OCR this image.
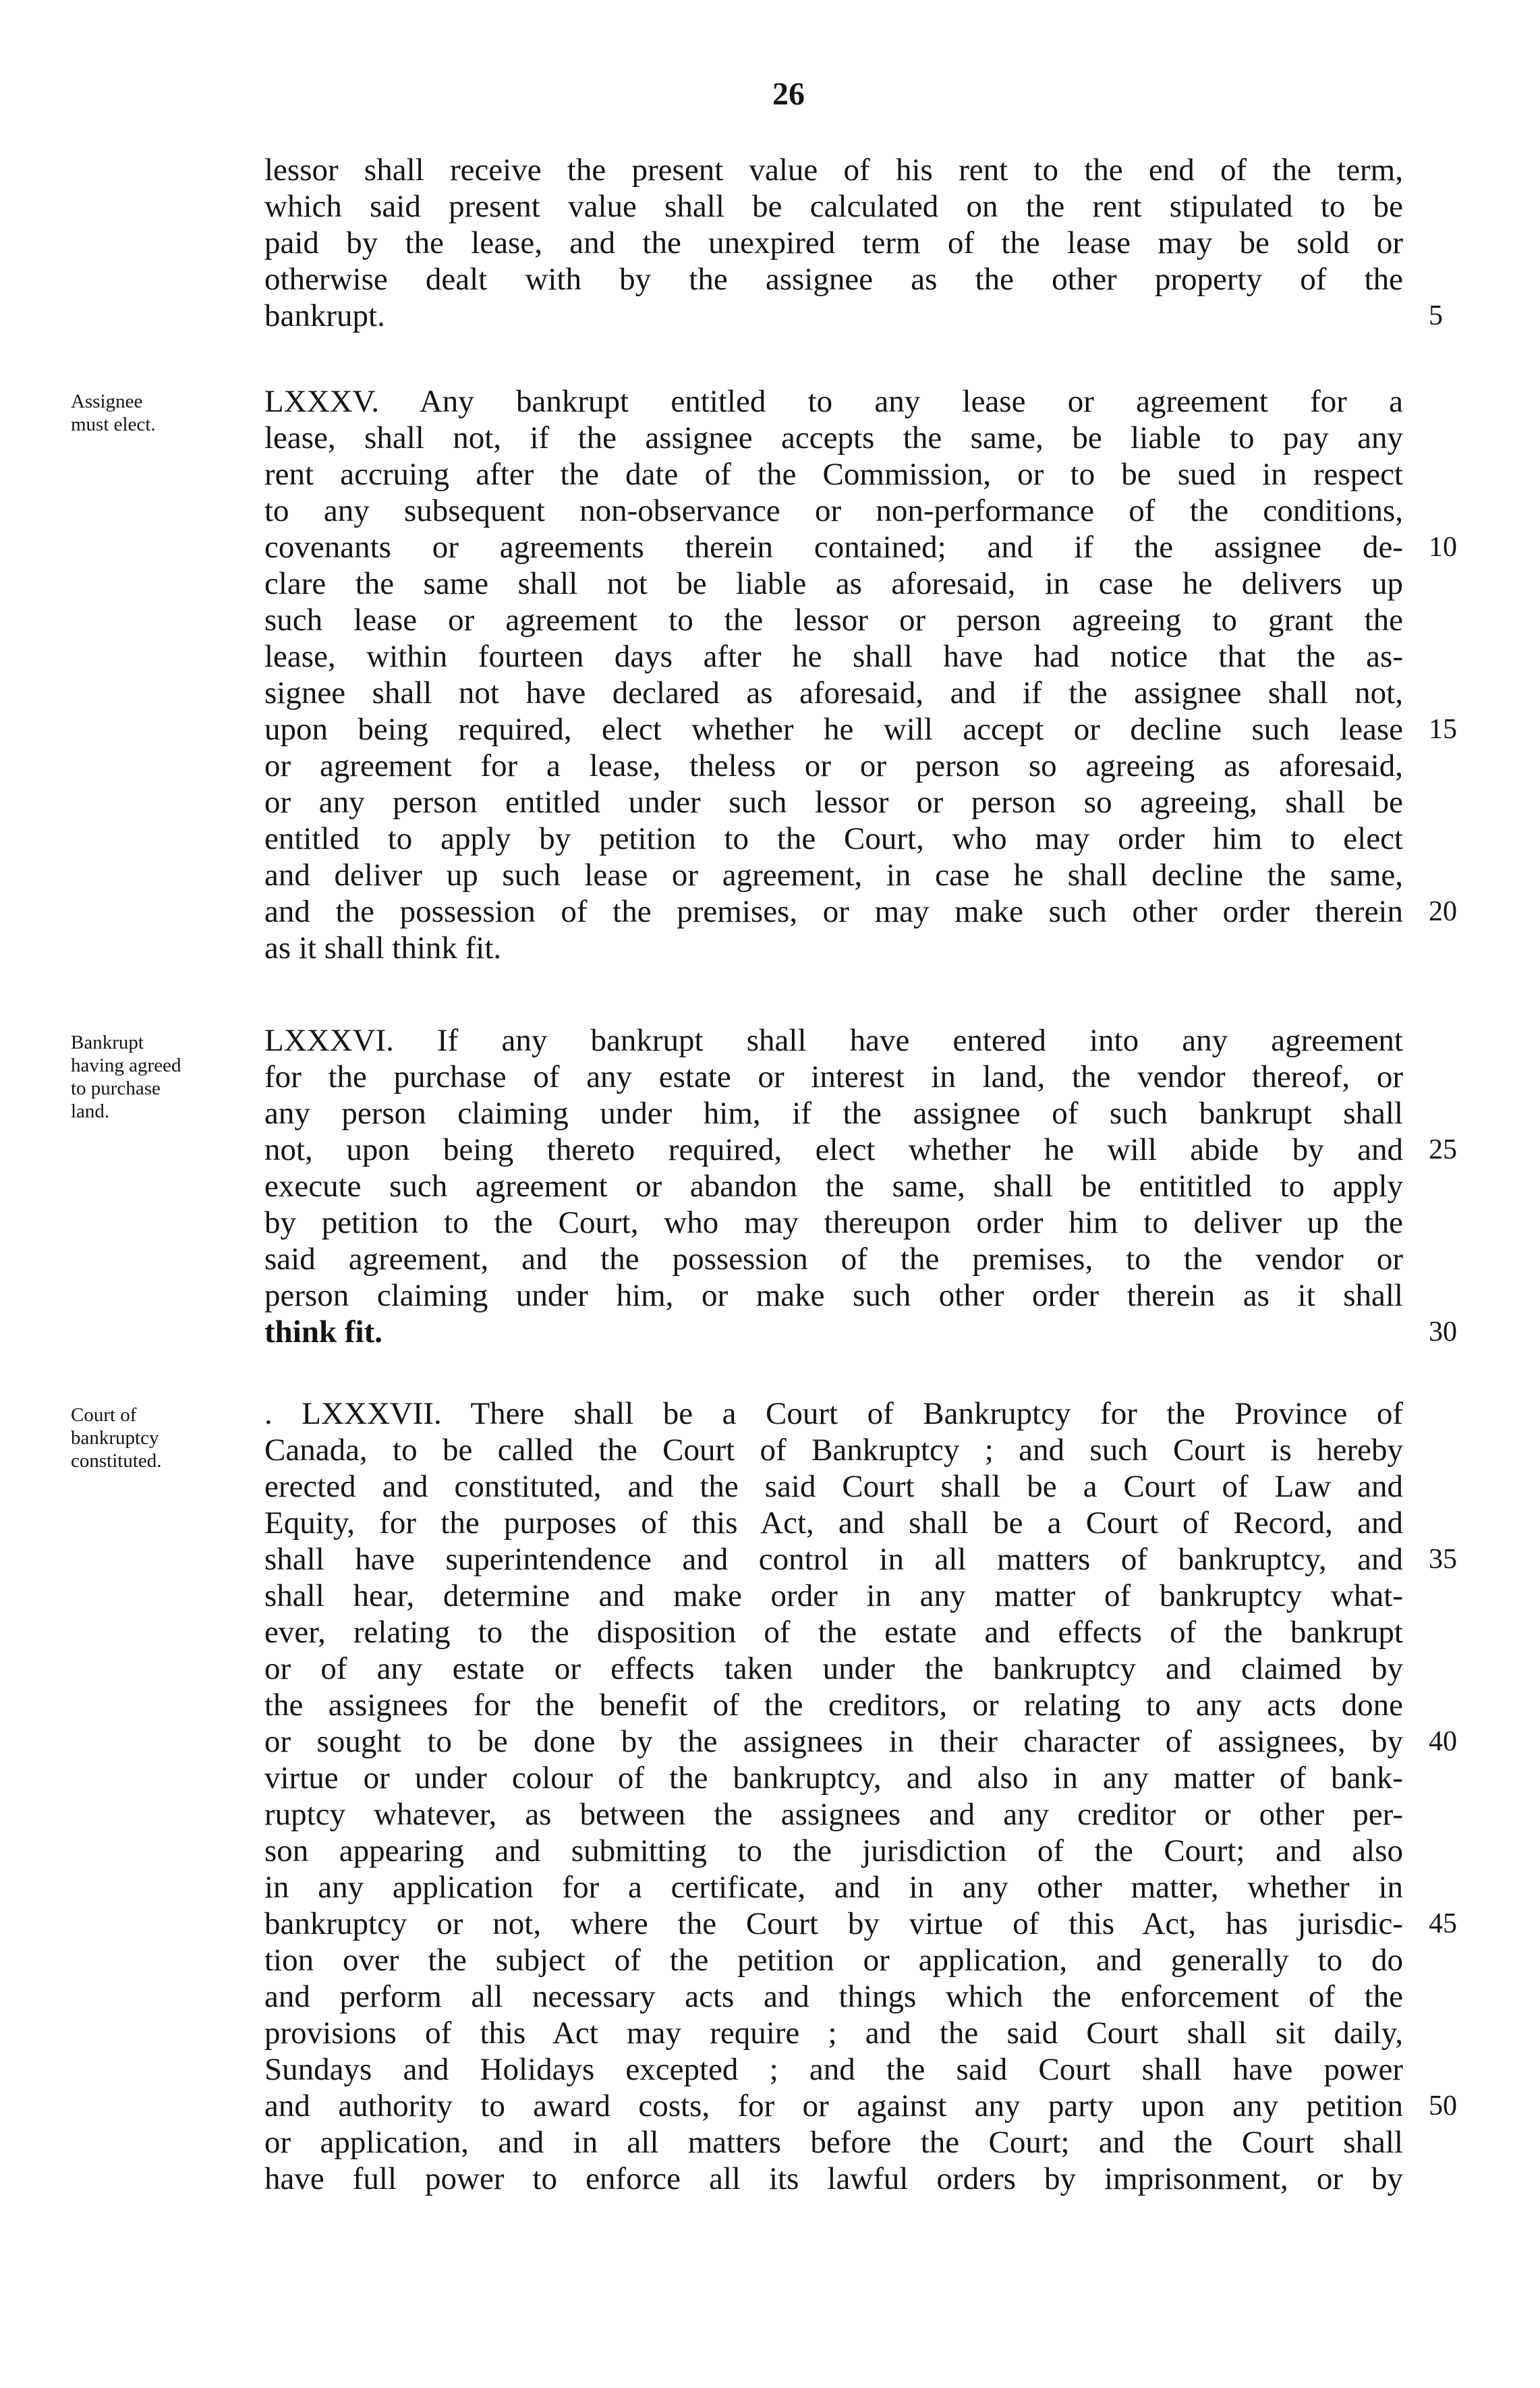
26
lessor shall receive the present value of his rent to the end of the term,
which said present value shall be calculated on the rent stipulated to be
paid by the lease, and the unexpired term of the lease may be sold or
otherwise dealt with by the assignee as the other property of the
bankrupt.	5
Assignee
must elect.
LXXXV. Any bankrupt entitled to any lease or agreement for a
lease, shall not, if the assignee accepts the same, be liable to pay any
rent accruing after the date of the Commission, or to be sued in respect
to any subsequent non-observance or non-performance of the conditions,
covenants or agreements therein contained; and if the assignee de-
clare the same shall not be liable as aforesaid, in case he delivers up
such lease or agreement to the lessor or person agreeing to grant the
lease, within fourteen days after he shall have had notice that the as-
signee shall not have declared as aforesaid, and if the assignee shall not,
upon being required, elect whether he will accept or decline such lease
or agreement for a lease, theless or or person so agreeing as aforesaid,
or any person entitled under such lessor or person so agreeing, shall be
entitled to apply by petition to the Court, who may order him to elect
and deliver up such lease or agreement, in case he shall decline the same,
and the possession of the premises, or may make such other order therein
as it shall think fit.
10
15
20
Bankrupt
having agreed
to purchase
land.
LXXXVI. If any bankrupt shall have entered into any agreement
for the purchase of any estate or interest in land, the vendor thereof, or
any person claiming under him, if the assignee of such bankrupt shall
not, upon being thereto required, elect whether he will abide by and
execute such agreement or abandon the same, shall be entititled to apply
by petition to the Court, who may thereupon order him to deliver up the
said agreement, and the possession of the premises, to the vendor or
person claiming under him, or make such other order therein as it shall
think fit.
25
30
Court of
bankruptcy
constituted.
. LXXXVII. There shall be a Court of Bankruptcy for the Province of
Canada, to be called the Court of Bankruptcy ; and such Court is hereby
erected and constituted, and the said Court shall be a Court of Law and
Equity, for the purposes of this Act, and shall be a Court of Record, and
shall have superintendence and control in all matters of bankruptcy, and
shall hear, determine and make order in any matter of bankruptcy what-
ever, relating to the disposition of the estate and effects of the bankrupt
or of any estate or effects taken under the bankruptcy and claimed by
the assignees for the benefit of the creditors, or relating to any acts done
or sought to be done by the assignees in their character of assignees, by
virtue or under colour of the bankruptcy, and also in any matter of bank-
ruptcy whatever, as between the assignees and any creditor or other per-
son appearing and submitting to the jurisdiction of the Court; and also
in any application for a certificate, and in any other matter, whether in
bankruptcy or not, where the Court by virtue of this Act, has jurisdic-
tion over the subject of the petition or application, and generally to do
and perform all necessary acts and things which the enforcement of the
provisions of this Act may require ; and the said Court shall sit daily,
Sundays and Holidays excepted ; and the said Court shall have power
and authority to award costs, for or against any party upon any petition
or application, and in all matters before the Court; and the Court shall
have full power to enforce all its lawful orders by imprisonment, or by
35
40
45
50
